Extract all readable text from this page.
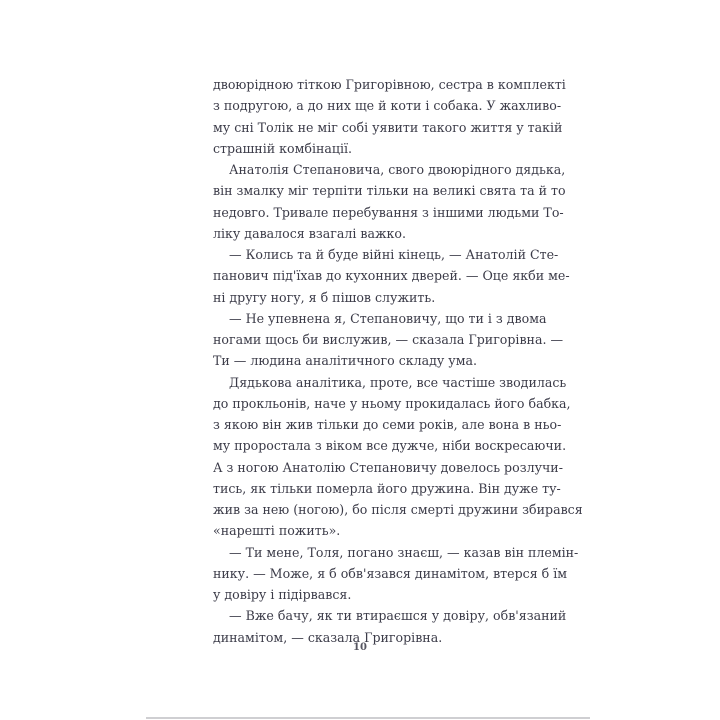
двоюрідною тіткою Григорівною, сестра в комплекті
з подругою, а до них ще й коти і собака. У жахливо-
му сні Толік не міг собі уявити такого життя у такій
страшній комбінації.
Анатолія Степановича, свого двоюрідного дядька,
він змалку міг терпіти тільки на великі свята та й то
недовго. Тривале перебування з іншими людьми То-
ліку давалося взагалі важко.
— Колись та й буде війні кінець, — Анатолій Сте-
панович під'їхав до кухонних дверей. — Оце якби ме-
ні другу ногу, я б пішов служить.
— Не упевнена я, Степановичу, що ти і з двома
ногами щось би вислужив, — сказала Григорівна. —
Ти — людина аналітичного складу ума.
Дядькова аналітика, проте, все частіше зводилась
до прокльонів, наче у ньому прокидалась його бабка,
з якою він жив тільки до семи років, але вона в ньо-
му проростала з віком все дужче, ніби воскресаючи.
А з ногою Анатолію Степановичу довелось розлучи-
тись, як тільки померла його дружина. Він дуже ту-
жив за нею (ногою), бо після смерті дружини збирався
«нарешті пожить».
— Ти мене, Толя, погано знаєш, — казав він племін-
нику. — Може, я б обв'язався динамітом, втерся б їм
у довіру і підірвався.
— Вже бачу, як ти втираєшся у довіру, обв'язаний
динамітом, — сказала Григорівна.
10
